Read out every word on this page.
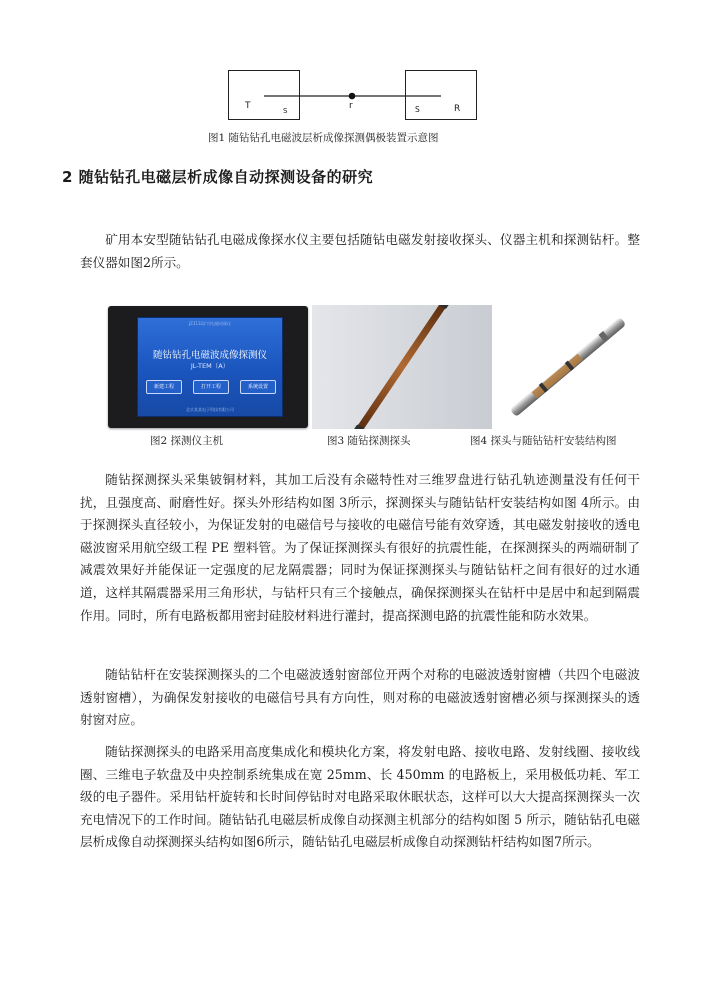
T	S	r	S	R
图1 随钻钻孔电磁波层析成像探测偶极装置示意图
2 随钻钻孔电磁层析成像自动探测设备的研究

矿用本安型随钻钻孔电磁成像探水仪主要包括随钻电磁发射接收探头、仪器主机和探测钻杆。整套仪器如图2所示。

JZ3132矿用电磁成像仪
随钻钻孔电磁波成像探测仪
JL-TEM（A）
新建工程	打开工程	系统设置
北京某某电子科技有限公司
图2 探测仪主机	图3 随钻探测探头	图4 探头与随钻钻杆安装结构图

随钻探测探头采集铍铜材料，其加工后没有余磁特性对三维罗盘进行钻孔轨迹测量没有任何干扰，且强度高、耐磨性好。探头外形结构如图 3所示，探测探头与随钻钻杆安装结构如图 4所示。由于探测探头直径较小，为保证发射的电磁信号与接收的电磁信号能有效穿透，其电磁发射接收的透电磁波窗采用航空级工程 PE 塑料管。为了保证探测探头有很好的抗震性能，在探测探头的两端研制了减震效果好并能保证一定强度的尼龙隔震器；同时为保证探测探头与随钻钻杆之间有很好的过水通道，这样其隔震器采用三角形状，与钻杆只有三个接触点，确保探测探头在钻杆中是居中和起到隔震作用。同时，所有电路板都用密封硅胶材料进行灌封，提高探测电路的抗震性能和防水效果。

随钻钻杆在安装探测探头的二个电磁波透射窗部位开两个对称的电磁波透射窗槽（共四个电磁波透射窗槽），为确保发射接收的电磁信号具有方向性，则对称的电磁波透射窗槽必须与探测探头的透射窗对应。

随钻探测探头的电路采用高度集成化和模块化方案，将发射电路、接收电路、发射线圈、接收线圈、三维电子软盘及中央控制系统集成在宽 25mm、长 450mm 的电路板上，采用极低功耗、军工级的电子器件。采用钻杆旋转和长时间停钻时对电路采取休眠状态，这样可以大大提高探测探头一次充电情况下的工作时间。随钻钻孔电磁层析成像自动探测主机部分的结构如图 5 所示，随钻钻孔电磁层析成像自动探测探头结构如图6所示，随钻钻孔电磁层析成像自动探测钻杆结构如图7所示。
